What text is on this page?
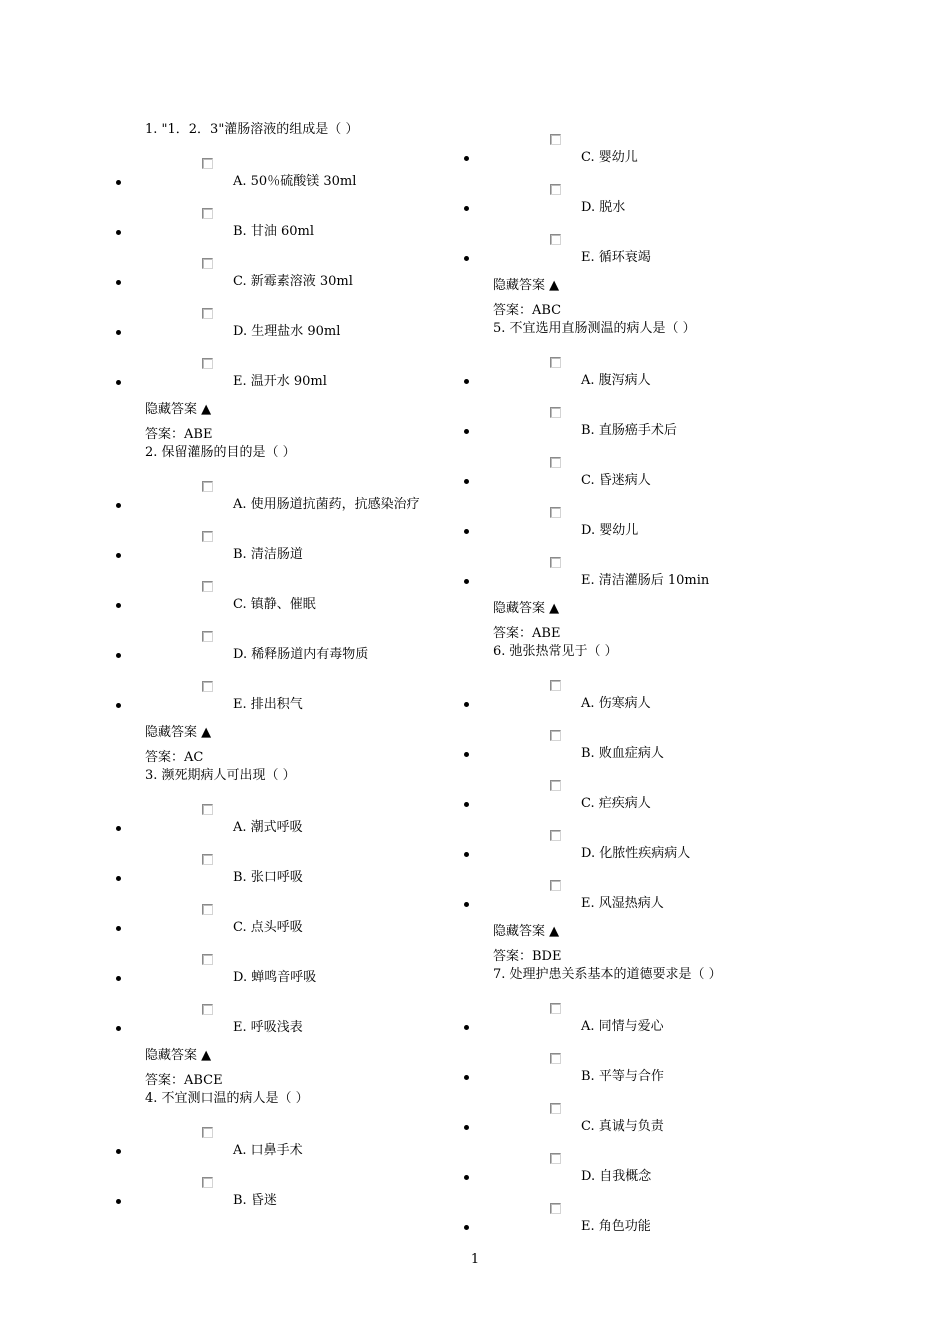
1. "1．2．3"灌肠溶液的组成是（ ）
A. 50％硫酸镁 30ml
B. 甘油 60ml
C. 新霉素溶液 30ml
D. 生理盐水 90ml
E. 温开水 90ml
隐藏答案 ▲
答案：ABE
2. 保留灌肠的目的是（ ）
A. 使用肠道抗菌药，抗感染治疗
B. 清洁肠道
C. 镇静、催眠
D. 稀释肠道内有毒物质
E. 排出积气
隐藏答案 ▲
答案：AC
3. 濒死期病人可出现（ ）
A. 潮式呼吸
B. 张口呼吸
C. 点头呼吸
D. 蝉鸣音呼吸
E. 呼吸浅表
隐藏答案 ▲
答案：ABCE
4. 不宜测口温的病人是（ ）
A. 口鼻手术
B. 昏迷
C. 婴幼儿
D. 脱水
E. 循环衰竭
隐藏答案 ▲
答案：ABC
5. 不宜选用直肠测温的病人是（ ）
A. 腹泻病人
B. 直肠癌手术后
C. 昏迷病人
D. 婴幼儿
E. 清洁灌肠后 10min
隐藏答案 ▲
答案：ABE
6. 弛张热常见于（ ）
A. 伤寒病人
B. 败血症病人
C. 疟疾病人
D. 化脓性疾病病人
E. 风湿热病人
隐藏答案 ▲
答案：BDE
7. 处理护患关系基本的道德要求是（ ）
A. 同情与爱心
B. 平等与合作
C. 真诚与负责
D. 自我概念
E. 角色功能
1
